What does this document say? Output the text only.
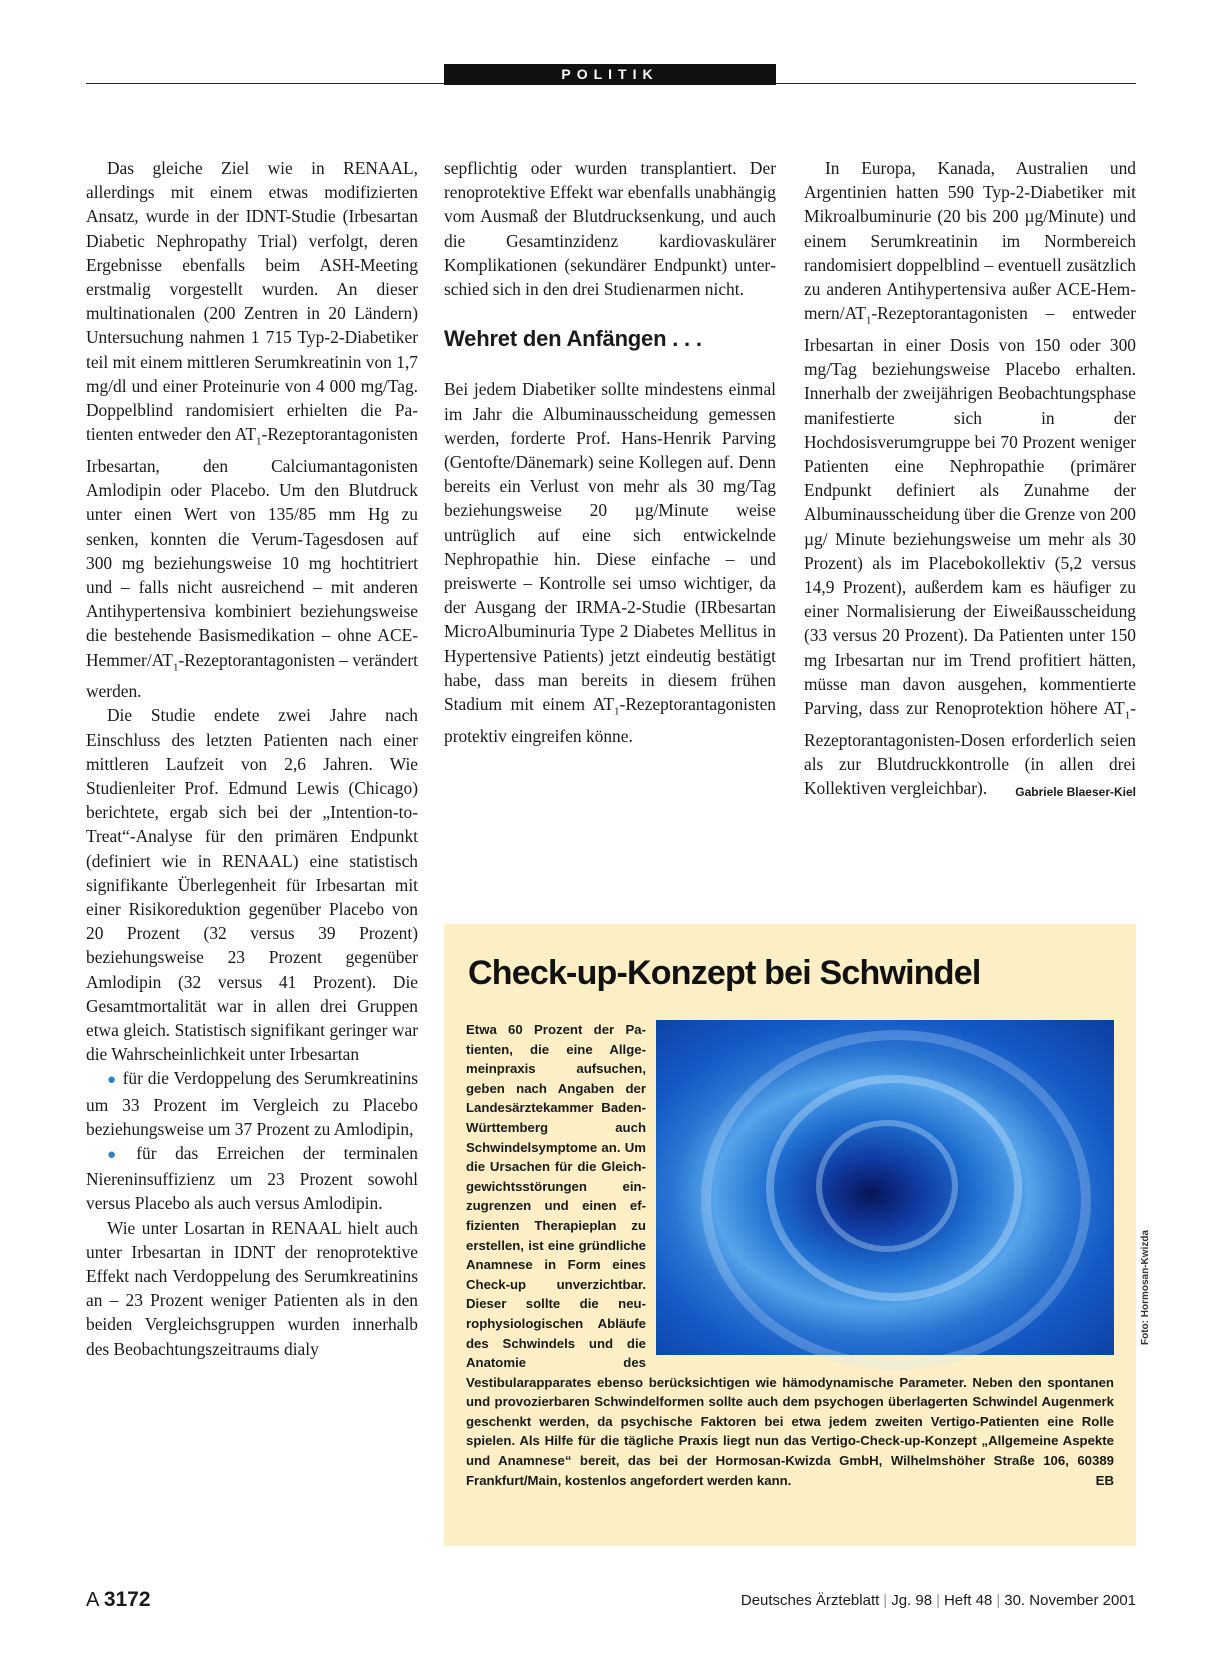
POLITIK

Das gleiche Ziel wie in RENAAL, allerdings mit einem etwas modifizierten Ansatz, wurde in der IDNT-Studie (Irbesartan Diabetic Nephropathy Trial) verfolgt, deren Ergebnisse ebenfalls beim ASH-Meeting erstmalig vorgestellt wurden. An dieser multinationalen (200 Zentren in 20 Ländern) Untersuchung nahmen 1 715 Typ-2-Diabetiker teil mit einem mittleren Serumkreatinin von 1,7 mg/dl und einer Proteinurie von 4 000 mg/Tag. Doppelblind randomisiert erhielten die Patienten entweder den $AT_1$-Rezeptorantagonisten Irbesartan, den Calciumantagonisten Amlodipin oder Placebo. Um den Blutdruck unter einen Wert von 135/85 mm Hg zu senken, konnten die Verum-Tagesdosen auf 300 mg beziehungsweise 10 mg hochtitriert und – falls nicht ausreichend – mit anderen Antihypertensiva kombiniert beziehungsweise die bestehende Basismedikation – ohne ACE-$Hemmer/AT_1$-Rezeptorantagonisten – verändert werden.

Die Studie endete zwei Jahre nach Einschluss des letzten Patienten nach einer mittleren Laufzeit von 2,6 Jahren. Wie Studienleiter Prof. Edmund Lewis (Chicago) berichtete, ergab sich bei der „Intention-to-Treat“-Analyse für den primären Endpunkt (definiert wie in RENAAL) eine statistisch signifikante Überlegenheit für Irbesartan mit einer Risikoreduktion gegenüber Placebo von 20 Prozent (32 versus 39 Prozent) beziehungsweise 23 Prozent gegenüber Amlodipin (32 versus 41 Prozent). Die Gesamtmortalität war in allen drei Gruppen etwa gleich. Statistisch signifikant geringer war die Wahrscheinlichkeit unter Irbesartan

● für die Verdoppelung des Serumkreatinins um 33 Prozent im Vergleich zu Placebo beziehungsweise um 37 Prozent zu Amlodipin,

● für das Erreichen der terminalen Niereninsuffizienz um 23 Prozent sowohl versus Placebo als auch versus Amlodipin.

Wie unter Losartan in RENAAL hielt auch unter Irbesartan in IDNT der renoprotektive Effekt nach Verdoppelung des Serumkreatinins an – 23 Prozent weniger Patienten als in den beiden Vergleichsgruppen wurden innerhalb des Beobachtungszeitraums dialy

sepflichtig oder wurden transplantiert. Der renoprotektive Effekt war ebenfalls unabhängig vom Ausmaß der Blutdrucksenkung, und auch die Gesamtinzidenz kardiovaskulärer Komplikationen (sekundärer Endpunkt) unterschied sich in den drei Studienarmen nicht.

Wehret den Anfängen . . .

Bei jedem Diabetiker sollte mindestens einmal im Jahr die Albuminausscheidung gemessen werden, forderte Prof. Hans-Henrik Parving (Gentofte/Dänemark) seine Kollegen auf. Denn bereits ein Verlust von mehr als 30 mg/Tag beziehungsweise 20 µg/Minute weise untrüglich auf eine sich entwickelnde Nephropathie hin. Diese einfache – und preiswerte – Kontrolle sei umso wichtiger, da der Ausgang der IRMA-2-Studie (IRbesartan MicroAlbuminuria Type 2 Diabetes Mellitus in Hypertensive Patients) jetzt eindeutig bestätigt habe, dass man bereits in diesem frühen Stadium mit einem $AT_1$-Rezeptorantagonisten protektiv eingreifen könne.

In Europa, Kanada, Australien und Argentinien hatten 590 Typ-2-Diabetiker mit Mikroalbuminurie (20 bis 200 µg/Minute) und einem Serumkreatinin im Normbereich randomisiert doppelblind – eventuell zusätzlich zu anderen Antihypertensiva außer ACE-$Hemmern/AT_1$-Rezeptorantagonisten – entweder Irbesartan in einer Dosis von 150 oder 300 mg/Tag beziehungsweise Placebo erhalten. Innerhalb der zweijährigen Beobachtungsphase manifestierte sich in der Hochdosisverumgruppe bei 70 Prozent weniger Patienten eine Nephropathie (primärer Endpunkt definiert als Zunahme der Albuminausscheidung über die Grenze von 200 µg/ Minute beziehungsweise um mehr als 30 Prozent) als im Placebokollektiv (5,2 versus 14,9 Prozent), außerdem kam es häufiger zu einer Normalisierung der Eiweißausscheidung (33 versus 20 Prozent). Da Patienten unter 150 mg Irbesartan nur im Trend profitiert hätten, müsse man davon ausgehen, kommentierte Parving, dass zur Renoprotektion höhere $AT_1-Rezeptorantagonisten$-Dosen erforderlich seien als zur Blutdruckkontrolle (in allen drei Kollektiven vergleichbar).	Gabriele Blaeser-Kiel

Check-up-Konzept bei Schwindel
Foto: Hormosan-Kwizda
Etwa 60 Prozent der Patienten, die eine Allgemeinpraxis aufsuchen, geben nach Angaben der Landesärztekammer Baden-Württemberg auch Schwindelsymptome an. Um die Ursachen für die Gleichgewichtsstörungen einzugrenzen und einen effizienten Therapieplan zu erstellen, ist eine gründliche Anamnese in Form eines Check-up unverzichtbar. Dieser sollte die neurophysiologischen Abläufe des Schwindels und die Anatomie des Vestibularapparates ebenso berücksichtigen wie hämodynamische Parameter. Neben den spontanen und provozierbaren Schwindelformen sollte auch dem psychogen überlagerten Schwindel Augenmerk geschenkt werden, da psychische Faktoren bei etwa jedem zweiten Vertigo-Patienten eine Rolle spielen. Als Hilfe für die tägliche Praxis liegt nun das Vertigo-Check-up-Konzept „Allgemeine Aspekte und Anamnese“ bereit, das bei der Hormosan-Kwizda GmbH, Wilhelmshöher Straße 106, 60389 Frankfurt/Main, kostenlos angefordert werden kann.	EB
A 3172	Deutsches Ärzteblatt | Jg. 98 | Heft 48 | 30. November 2001
